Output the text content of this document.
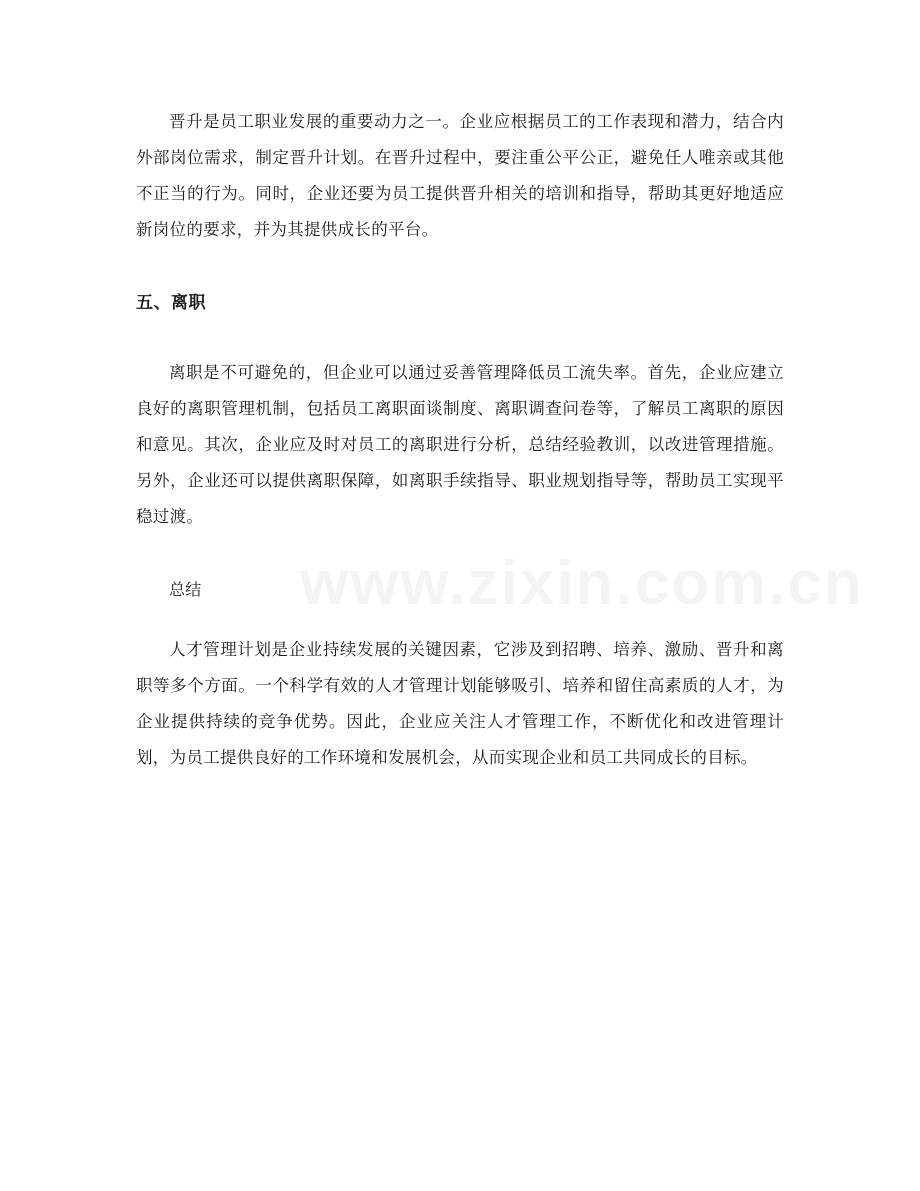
晋升是员工职业发展的重要动力之一。企业应根据员工的工作表现和潜力，结合内外部岗位需求，制定晋升计划。在晋升过程中，要注重公平公正，避免任人唯亲或其他不正当的行为。同时，企业还要为员工提供晋升相关的培训和指导，帮助其更好地适应新岗位的要求，并为其提供成长的平台。

五、离职

离职是不可避免的，但企业可以通过妥善管理降低员工流失率。首先，企业应建立良好的离职管理机制，包括员工离职面谈制度、离职调查问卷等，了解员工离职的原因和意见。其次，企业应及时对员工的离职进行分析，总结经验教训，以改进管理措施。另外，企业还可以提供离职保障，如离职手续指导、职业规划指导等，帮助员工实现平稳过渡。

总结

人才管理计划是企业持续发展的关键因素，它涉及到招聘、培养、激励、晋升和离职等多个方面。一个科学有效的人才管理计划能够吸引、培养和留住高素质的人才，为企业提供持续的竞争优势。因此，企业应关注人才管理工作，不断优化和改进管理计划，为员工提供良好的工作环境和发展机会，从而实现企业和员工共同成长的目标。
